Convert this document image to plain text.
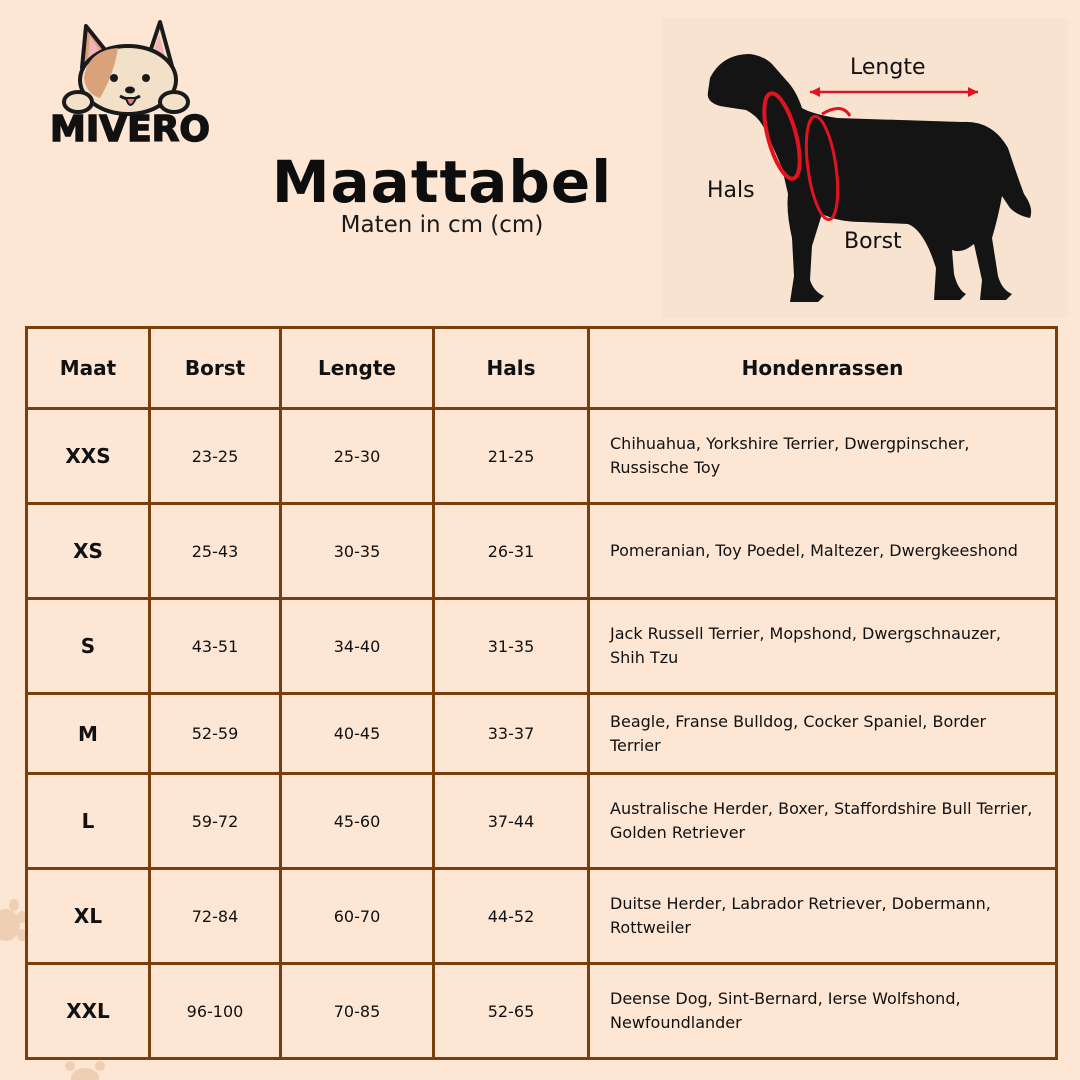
MIVERO
Maattabel
Maten in cm (cm)
Lengte
Hals
Borst
Maat	Borst	Lengte	Hals	Hondenrassen
XXS	23-25	25-30	21-25	Chihuahua, Yorkshire Terrier, Dwergpinscher, Russische Toy
XS	25-43	30-35	26-31	Pomeranian, Toy Poedel, Maltezer, Dwergkeeshond
S	43-51	34-40	31-35	Jack Russell Terrier, Mopshond, Dwergschnauzer, Shih Tzu
M	52-59	40-45	33-37	Beagle, Franse Bulldog, Cocker Spaniel, Border Terrier
L	59-72	45-60	37-44	Australische Herder, Boxer, Staffordshire Bull Terrier, Golden Retriever
XL	72-84	60-70	44-52	Duitse Herder, Labrador Retriever, Dobermann, Rottweiler
XXL	96-100	70-85	52-65	Deense Dog, Sint-Bernard, Ierse Wolfshond, Newfoundlander
